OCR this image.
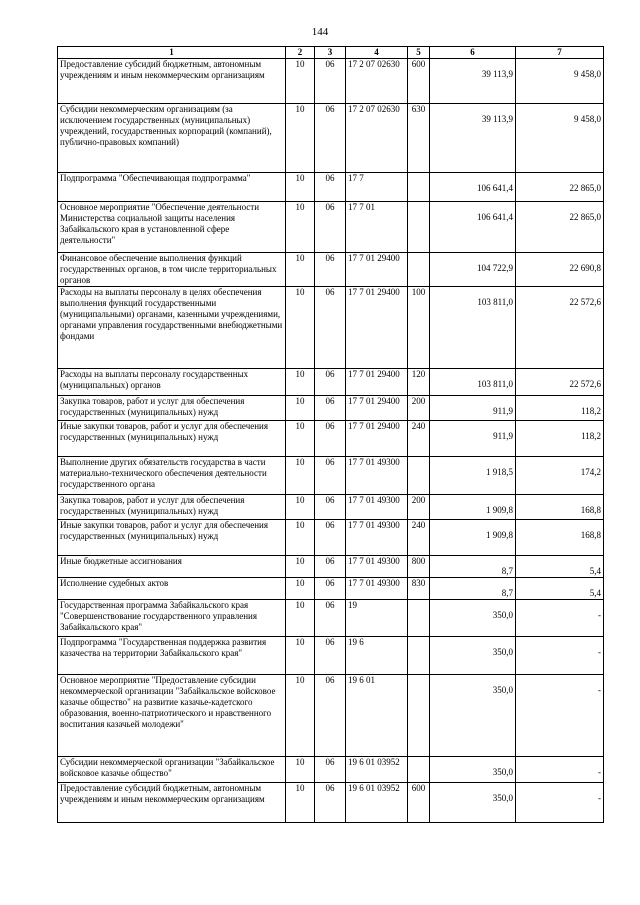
144
1	2	3	4	5	6	7
Предоставление субсидий бюджетным, автономным учреждениям и иным некоммерческим организациям	10	06	17 2 07 02630	600	39 113,9	9 458,0

Субсидии некоммерческим организациям (за исключением государственных (муниципальных) учреждений, государственных корпораций (компаний), публично-правовых компаний)	10	06	17 2 07 02630	630	39 113,9	9 458,0

Подпрограмма "Обеспечивающая подпрограмма"	10	06	17 7		106 641,4	22 865,0

Основное мероприятие "Обеспечение деятельности Министерства социальной защиты населения Забайкальского края в установленной сфере деятельности"	10	06	17 7 01		106 641,4	22 865,0

Финансовое обеспечение выполнения функций государственных органов, в том числе территориальных органов	10	06	17 7 01 29400		104 722,9	22 690,8

Расходы на выплаты персоналу в целях обеспечения выполнения функций государственными (муниципальными) органами, казенными учреждениями, органами управления государственными внебюджетными фондами	10	06	17 7 01 29400	100	103 811,0	22 572,6

Расходы на выплаты персоналу государственных (муниципальных) органов	10	06	17 7 01 29400	120	103 811,0	22 572,6

Закупка товаров, работ и услуг для обеспечения государственных (муниципальных) нужд	10	06	17 7 01 29400	200	911,9	118,2

Иные закупки товаров, работ и услуг для обеспечения государственных (муниципальных) нужд	10	06	17 7 01 29400	240	911,9	118,2

Выполнение других обязательств государства в части материально-технического обеспечения деятельности государственного органа	10	06	17 7 01 49300		1 918,5	174,2

Закупка товаров, работ и услуг для обеспечения государственных (муниципальных) нужд	10	06	17 7 01 49300	200	1 909,8	168,8

Иные закупки товаров, работ и услуг для обеспечения государственных (муниципальных) нужд	10	06	17 7 01 49300	240	1 909,8	168,8

Иные бюджетные ассигнования	10	06	17 7 01 49300	800	8,7	5,4

Исполнение судебных актов	10	06	17 7 01 49300	830	8,7	5,4

Государственная программа Забайкальского края "Совершенствование государственного управления Забайкальского края"	10	06	19		350,0	-

Подпрограмма "Государственная поддержка развития казачества на территории Забайкальского края"	10	06	19 6		350,0	-

Основное мероприятие "Предоставление субсидии некоммерческой организации "Забайкальское войсковое казачье общество" на развитие казачье-кадетского образования, военно-патриотического и нравственного воспитания казачьей молодежи"	10	06	19 6 01		350,0	-

Субсидии некоммерческой организации "Забайкальское войсковое казачье общество"	10	06	19 6 01 03952		350,0	-

Предоставление субсидий бюджетным, автономным учреждениям и иным некоммерческим организациям	10	06	19 6 01 03952	600	350,0	-
